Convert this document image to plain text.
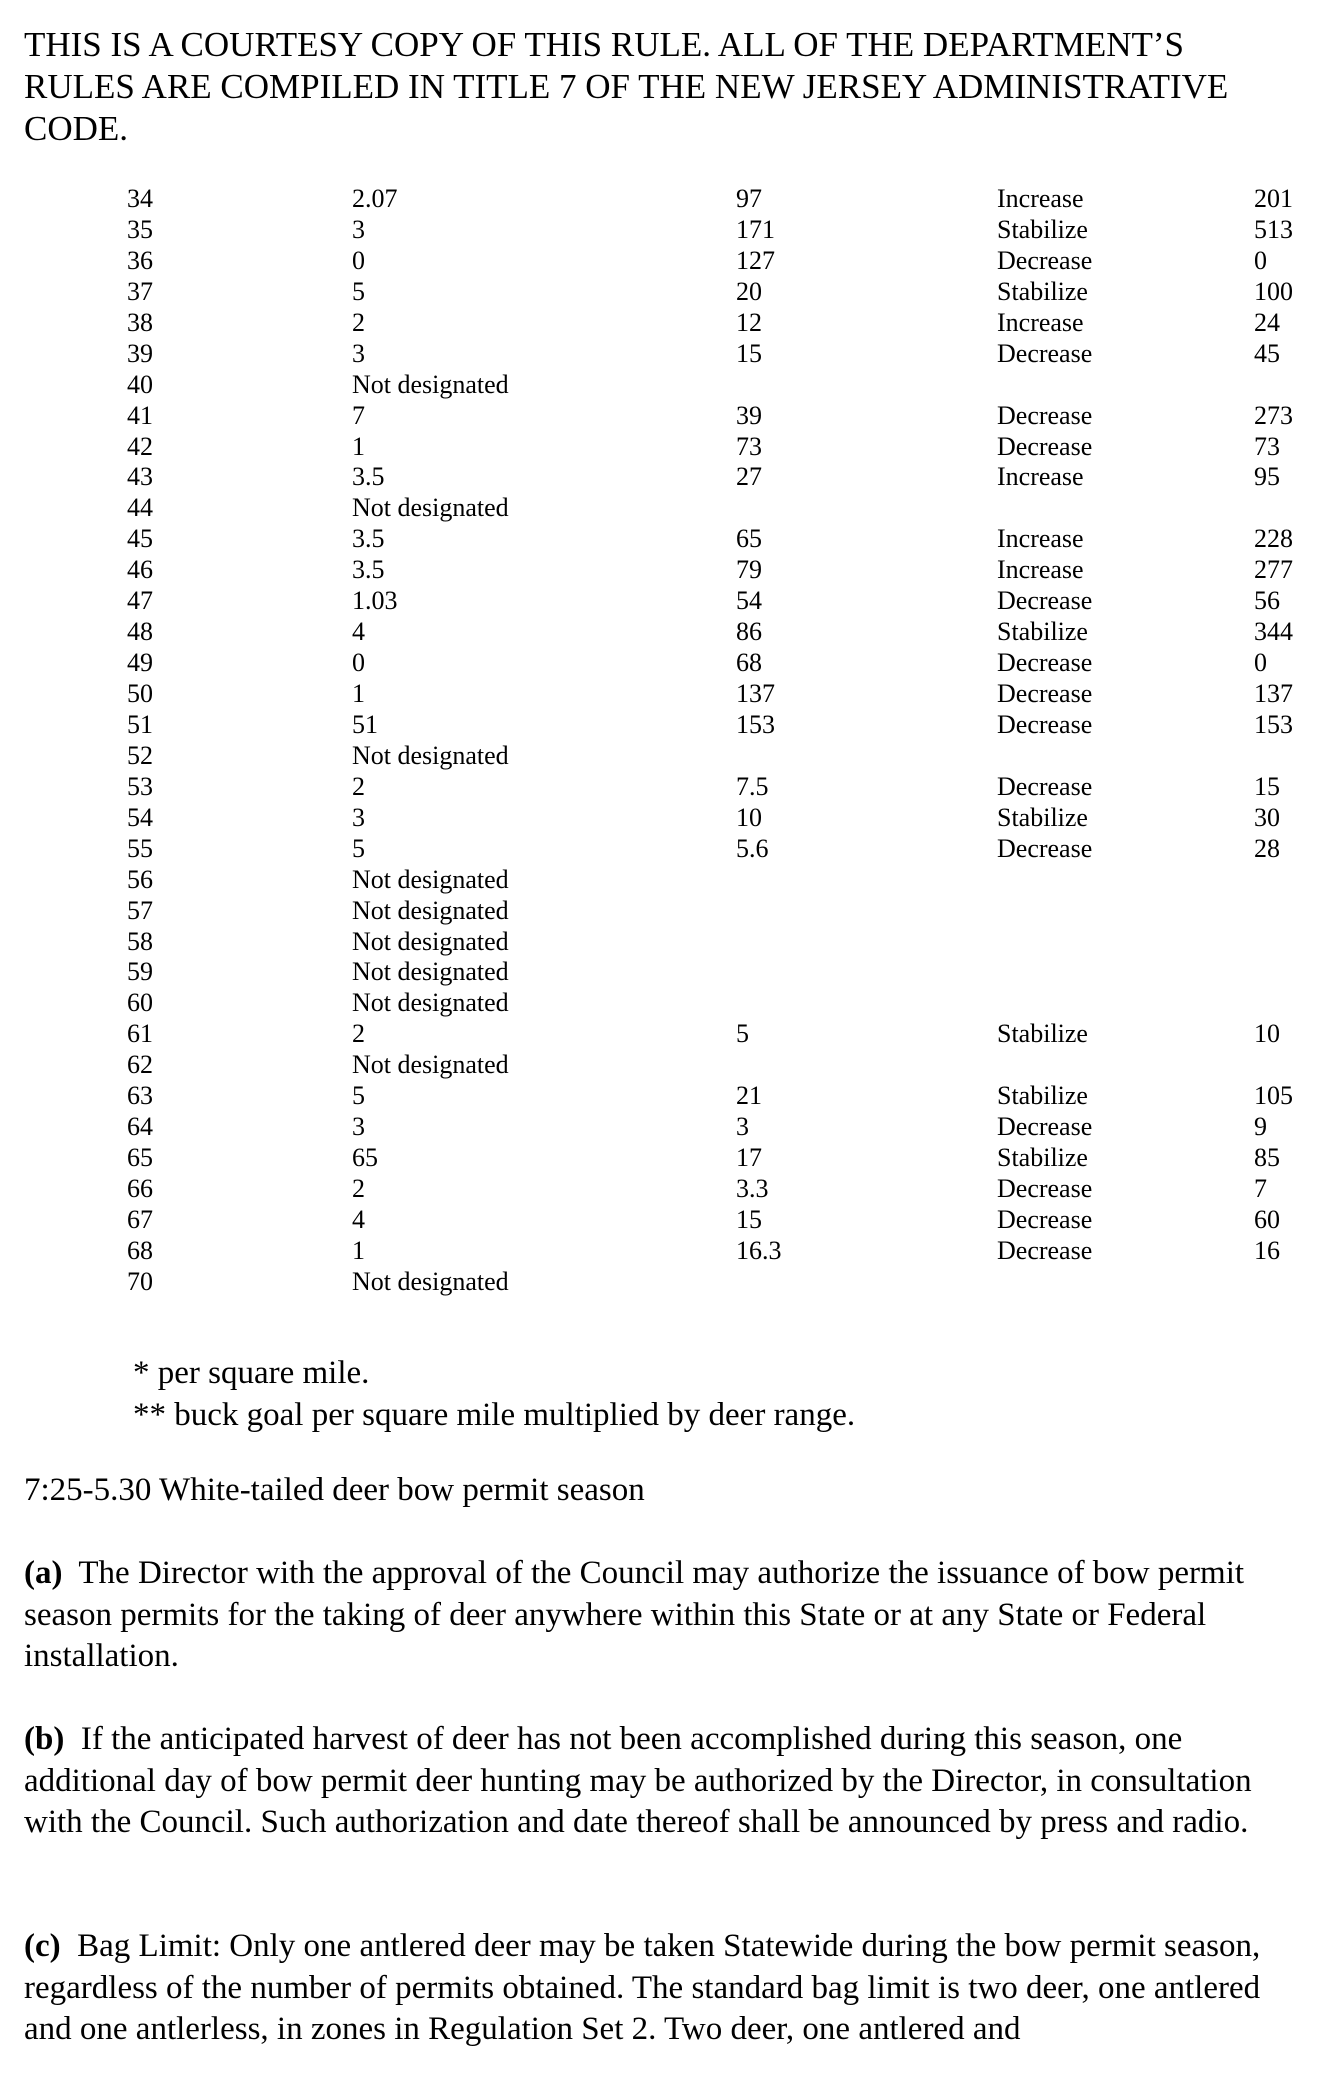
THIS IS A COURTESY COPY OF THIS RULE. ALL OF THE DEPARTMENT’S RULES ARE COMPILED IN TITLE 7 OF THE NEW JERSEY ADMINISTRATIVE CODE.
34	2.07	97	Increase	201
35	3	171	Stabilize	513
36	0	127	Decrease	0
37	5	20	Stabilize	100
38	2	12	Increase	24
39	3	15	Decrease	45
40	Not designated
41	7	39	Decrease	273
42	1	73	Decrease	73
43	3.5	27	Increase	95
44	Not designated
45	3.5	65	Increase	228
46	3.5	79	Increase	277
47	1.03	54	Decrease	56
48	4	86	Stabilize	344
49	0	68	Decrease	0
50	1	137	Decrease	137
51	51	153	Decrease	153
52	Not designated
53	2	7.5	Decrease	15
54	3	10	Stabilize	30
55	5	5.6	Decrease	28
56	Not designated
57	Not designated
58	Not designated
59	Not designated
60	Not designated
61	2	5	Stabilize	10
62	Not designated
63	5	21	Stabilize	105
64	3	3	Decrease	9
65	65	17	Stabilize	85
66	2	3.3	Decrease	7
67	4	15	Decrease	60
68	1	16.3	Decrease	16
70	Not designated
* per square mile.
** buck goal per square mile multiplied by deer range.
7:25-5.30 White-tailed deer bow permit season
(a) The Director with the approval of the Council may authorize the issuance of bow permit season permits for the taking of deer anywhere within this State or at any State or Federal installation.
(b) If the anticipated harvest of deer has not been accomplished during this season, one additional day of bow permit deer hunting may be authorized by the Director, in consultation with the Council. Such authorization and date thereof shall be announced by press and radio.
(c) Bag Limit: Only one antlered deer may be taken Statewide during the bow permit season, regardless of the number of permits obtained. The standard bag limit is two deer, one antlered and one antlerless, in zones in Regulation Set 2. Two deer, one antlered and
